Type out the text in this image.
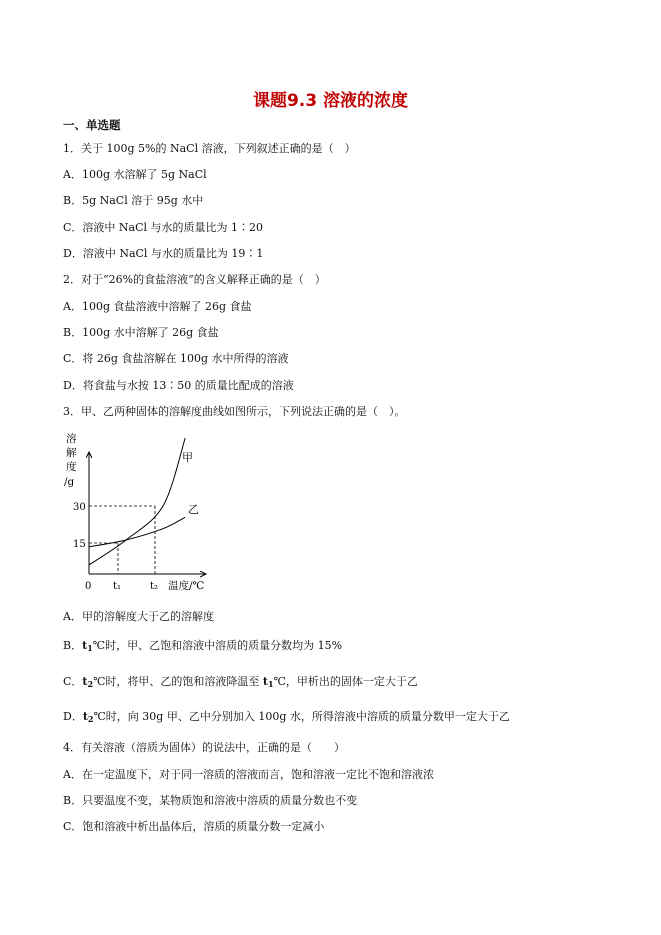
课题9.3 溶液的浓度
一、单选题
1．关于 100g 5%的 NaCl 溶液，下列叙述正确的是（　）
A．100g 水溶解了 5g NaCl
B．5g NaCl 溶于 95g 水中
C．溶液中 NaCl 与水的质量比为 1∶20
D．溶液中 NaCl 与水的质量比为 19∶1
2．对于“26%的食盐溶液”的含义解释正确的是（　）
A．100g 食盐溶液中溶解了 26g 食盐
B．100g 水中溶解了 26g 食盐
C．将 26g 食盐溶解在 100g 水中所得的溶液
D．将食盐与水按 13∶50 的质量比配成的溶液
3．甲、乙两种固体的溶解度曲线如图所示，下列说法正确的是（　）。
溶
解
度
/g
30
15
0 t₁	t₂ 温度/℃
甲
乙
A．甲的溶解度大于乙的溶解度
B．$t_1℃$时，甲、乙饱和溶液中溶质的质量分数均为 15%
C．$t_2℃$时，将甲、乙的饱和溶液降温至 $t_1℃$，甲析出的固体一定大于乙
D．$t_2℃$时，向 30g 甲、乙中分别加入 100g 水，所得溶液中溶质的质量分数甲一定大于乙
4．有关溶液（溶质为固体）的说法中，正确的是（　　）
A．在一定温度下，对于同一溶质的溶液而言，饱和溶液一定比不饱和溶液浓
B．只要温度不变，某物质饱和溶液中溶质的质量分数也不变
C．饱和溶液中析出晶体后，溶质的质量分数一定减小
